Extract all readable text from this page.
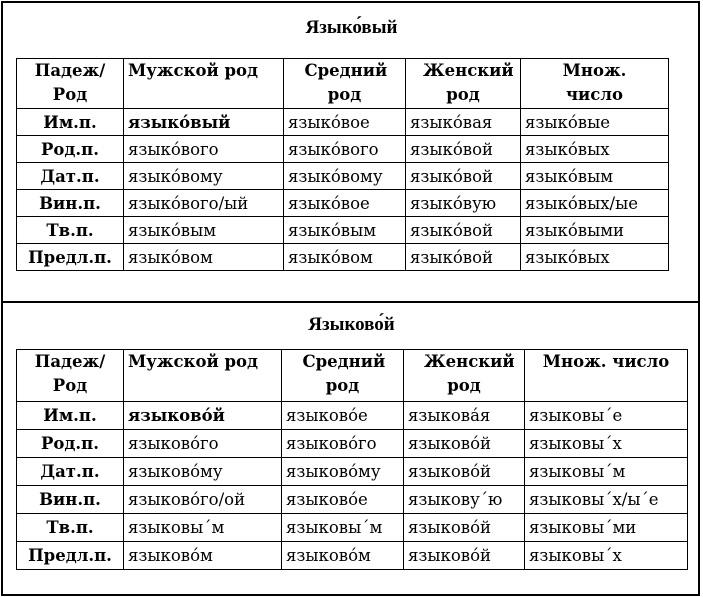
Языко́вый
Падеж/ Род	Мужской род	Средний род	Женский род	Множ. число

Им.п.	языко́вый	языко́вое	языко́вая	языко́вые
Род.п.	языко́вого	языко́вого	языко́вой	языко́вых
Дат.п.	языко́вому	языко́вому	языко́вой	языко́вым
Вин.п.	языко́вого/ый	языко́вое	языко́вую	языко́вых/ые
Тв.п.	языко́вым	языко́вым	языко́вой	языко́выми
Предл.п.	языко́вом	языко́вом	языко́вой	языко́вых
Языково́й
Падеж/ Род	Мужской род	Средний род	Женский род	Множ. число
Им.п.	языково́й	языково́е	языкова́я	языковы´е
Род.п.	языково́го	языково́го	языково́й	языковы´х
Дат.п.	языково́му	языково́му	языково́й	языковы´м
Вин.п.	языково́го/ой	языково́е	языкову´ю	языковы´х/ы´е
Тв.п.	языковы´м	языковы´м	языково́й	языковы´ми
Предл.п.	языково́м	языково́м	языково́й	языковы´х
